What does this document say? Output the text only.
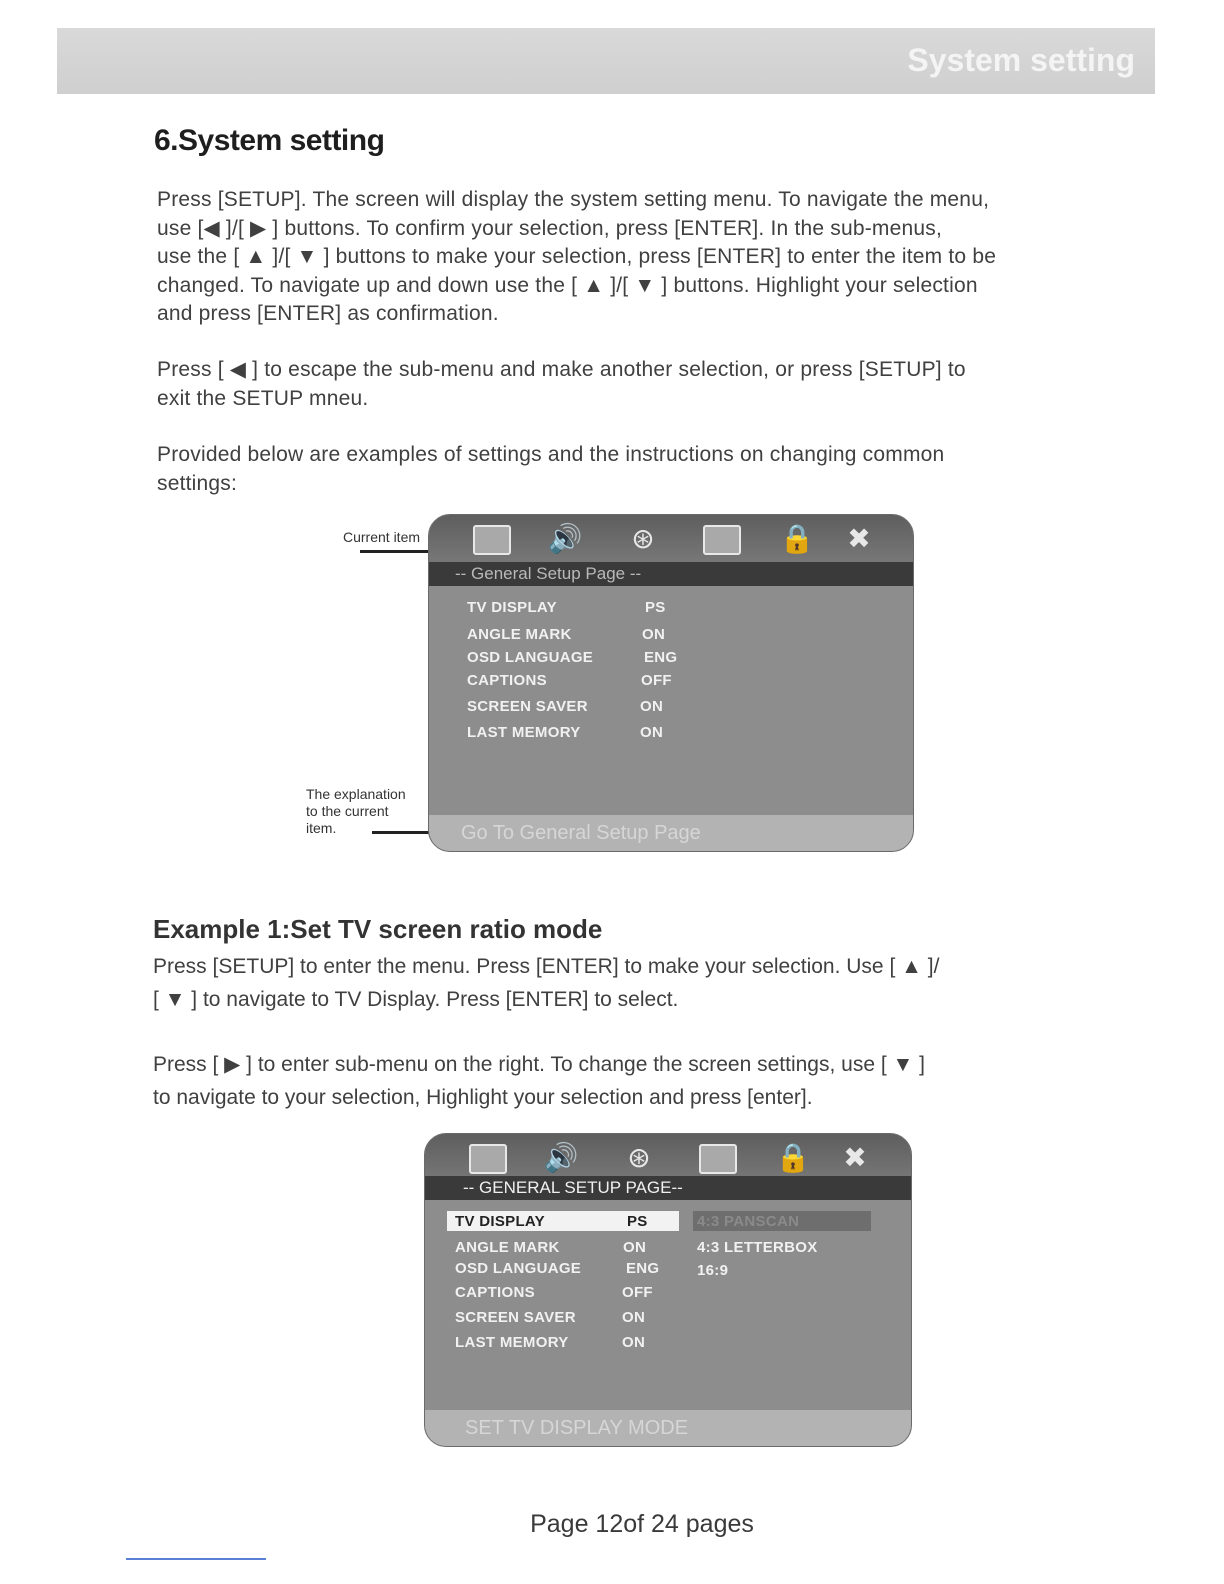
System setting
6.System setting
Press [SETUP]. The screen will display the system setting menu. To navigate the menu,
use [◀ ]/[ ▶ ] buttons. To confirm your selection, press [ENTER]. In the sub-menus,
use the [ ▲ ]/[ ▼ ] buttons to make your selection, press [ENTER] to enter the item to be
changed. To navigate up and down use the [ ▲ ]/[ ▼ ] buttons. Highlight your selection
and press [ENTER] as confirmation.
Press [ ◀ ] to escape the sub-menu and make another selection, or press [SETUP] to
exit the SETUP mneu.
Provided below are examples of settings and the instructions on changing common
settings:
Current item
The explanation
to the current
item.
🔊 ⊛	🔒 ✖
-- General Setup Page --
TV DISPLAY	PS
ANGLE MARK	ON
OSD LANGUAGE	ENG
CAPTIONS	OFF
SCREEN SAVER	ON
LAST MEMORY	ON
Go To General Setup Page
Example 1:Set TV screen ratio mode
Press [SETUP] to enter the menu. Press [ENTER] to make your selection. Use [ ▲ ]/
[ ▼ ] to navigate to TV Display. Press [ENTER] to select.
Press [ ▶ ] to enter sub-menu on the right. To change the screen settings, use [ ▼ ]
to navigate to your selection, Highlight your selection and press [enter].
🔊 ⊛	🔒 ✖
-- GENERAL SETUP PAGE--
TV DISPLAY	PS	4:3 PANSCAN
4:3 LETTERBOX
16:9
ANGLE MARK	ON
OSD LANGUAGE	ENG
CAPTIONS	OFF
SCREEN SAVER	ON
LAST MEMORY	ON
SET TV DISPLAY MODE
Page 12of 24 pages
